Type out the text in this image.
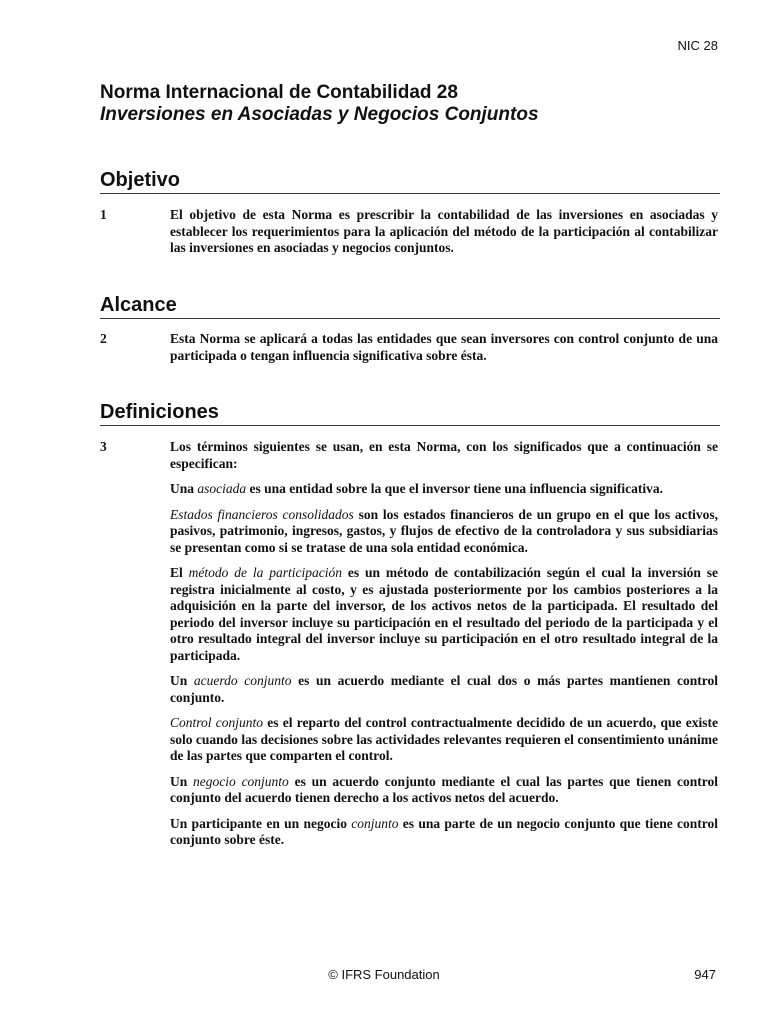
NIC 28
Norma Internacional de Contabilidad 28
Inversiones en Asociadas y Negocios Conjuntos
Objetivo
1	El objetivo de esta Norma es prescribir la contabilidad de las inversiones en asociadas y establecer los requerimientos para la aplicación del método de la participación al contabilizar las inversiones en asociadas y negocios conjuntos.

Alcance
2	Esta Norma se aplicará a todas las entidades que sean inversores con control conjunto de una participada o tengan influencia significativa sobre ésta.

Definiciones
3	Los términos siguientes se usan, en esta Norma, con los significados que a continuación se especifican:

Una asociada es una entidad sobre la que el inversor tiene una influencia significativa.

Estados financieros consolidados son los estados financieros de un grupo en el que los activos, pasivos, patrimonio, ingresos, gastos, y flujos de efectivo de la controladora y sus subsidiarias se presentan como si se tratase de una sola entidad económica.

El método de la participación es un método de contabilización según el cual la inversión se registra inicialmente al costo, y es ajustada posteriormente por los cambios posteriores a la adquisición en la parte del inversor, de los activos netos de la participada. El resultado del periodo del inversor incluye su participación en el resultado del periodo de la participada y el otro resultado integral del inversor incluye su participación en el otro resultado integral de la participada.

Un acuerdo conjunto es un acuerdo mediante el cual dos o más partes mantienen control conjunto.

Control conjunto es el reparto del control contractualmente decidido de un acuerdo, que existe solo cuando las decisiones sobre las actividades relevantes requieren el consentimiento unánime de las partes que comparten el control.

Un negocio conjunto es un acuerdo conjunto mediante el cual las partes que tienen control conjunto del acuerdo tienen derecho a los activos netos del acuerdo.

Un participante en un negocio conjunto es una parte de un negocio conjunto que tiene control conjunto sobre éste.

© IFRS Foundation	947
